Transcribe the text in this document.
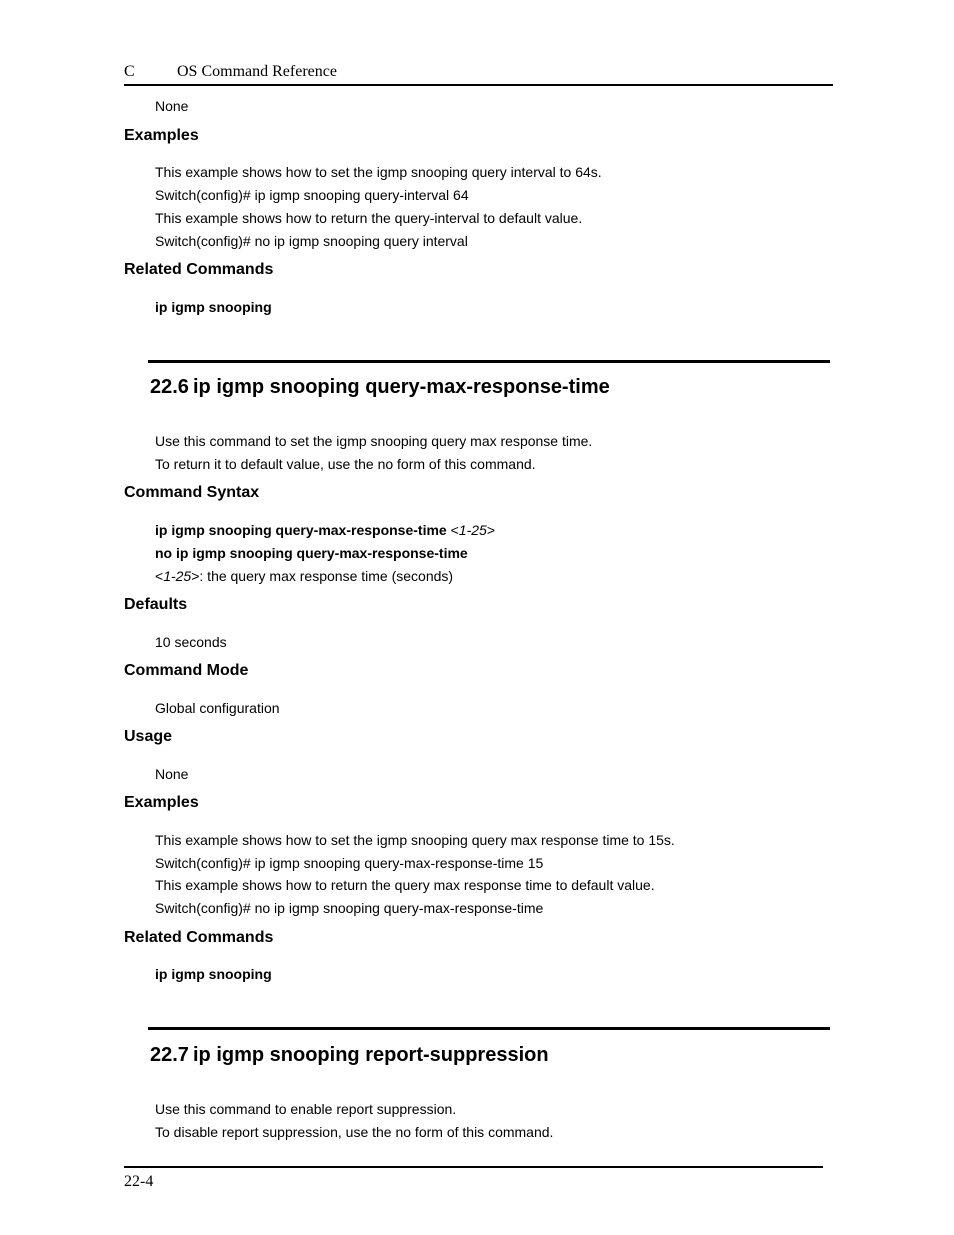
C	OS Command Reference
None
Examples
This example shows how to set the igmp snooping query interval to 64s.
Switch(config)# ip igmp snooping query-interval 64
This example shows how to return the query-interval to default value.
Switch(config)# no ip igmp snooping query interval
Related Commands
ip igmp snooping
22.6 ip igmp snooping query-max-response-time
Use this command to set the igmp snooping query max response time.
To return it to default value, use the no form of this command.
Command Syntax
ip igmp snooping query-max-response-time <1-25>
no ip igmp snooping query-max-response-time
<1-25>: the query max response time (seconds)
Defaults
10 seconds
Command Mode
Global configuration
Usage
None
Examples
This example shows how to set the igmp snooping query max response time to 15s.
Switch(config)# ip igmp snooping query-max-response-time 15
This example shows how to return the query max response time to default value.
Switch(config)# no ip igmp snooping query-max-response-time
Related Commands
ip igmp snooping
22.7 ip igmp snooping report-suppression
Use this command to enable report suppression.
To disable report suppression, use the no form of this command.
22-4
